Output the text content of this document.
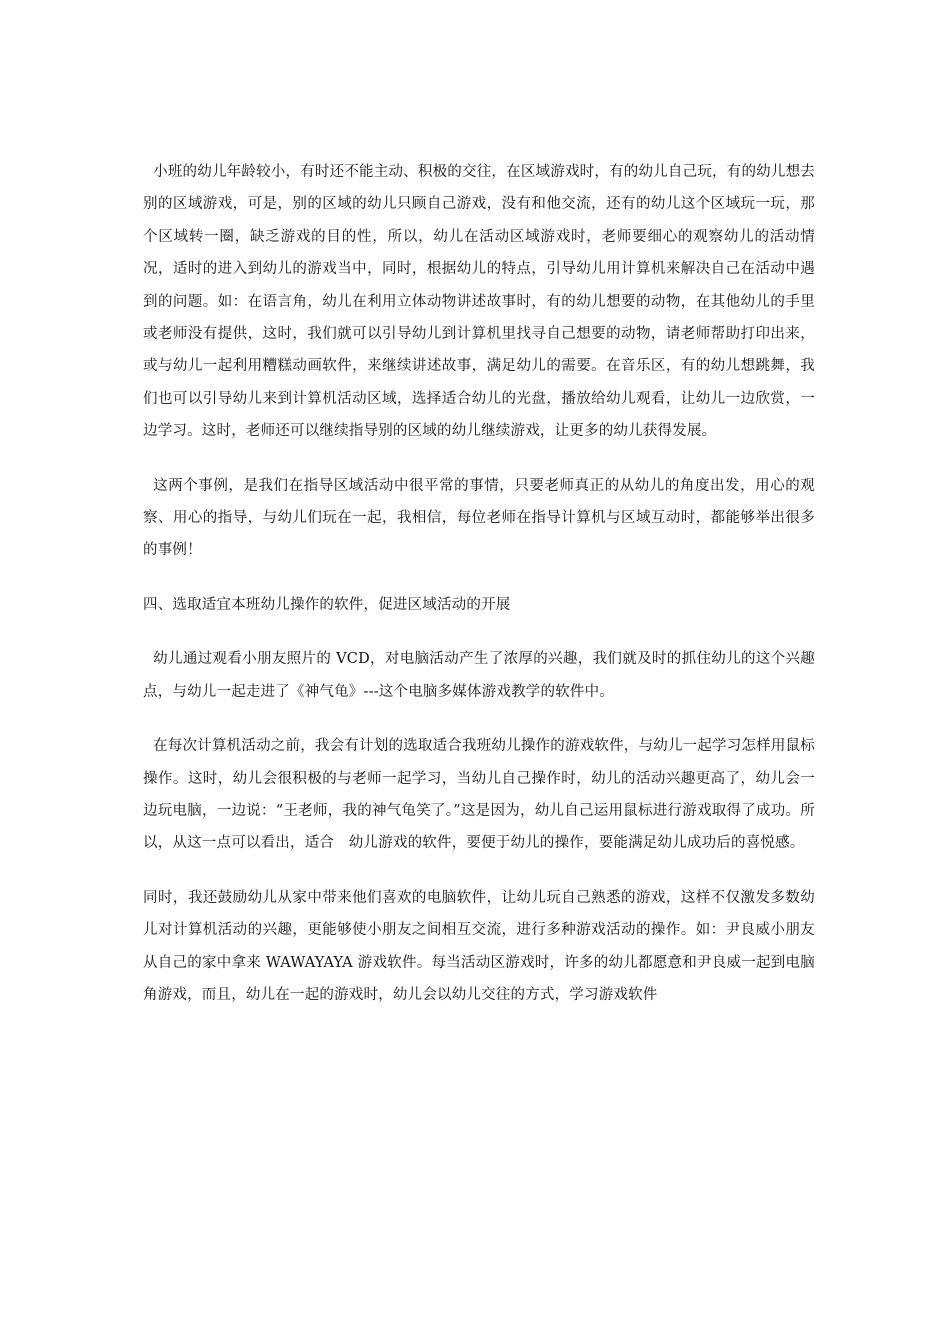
小班的幼儿年龄较小，有时还不能主动、积极的交往，在区域游戏时，有的幼儿自己玩，有的幼儿想去别的区域游戏，可是，别的区域的幼儿只顾自己游戏，没有和他交流，还有的幼儿这个区域玩一玩，那个区域转一圈，缺乏游戏的目的性，所以，幼儿在活动区域游戏时，老师要细心的观察幼儿的活动情况，适时的进入到幼儿的游戏当中，同时，根据幼儿的特点，引导幼儿用计算机来解决自己在活动中遇到的问题。如：在语言角，幼儿在利用立体动物讲述故事时，有的幼儿想要的动物，在其他幼儿的手里或老师没有提供，这时，我们就可以引导幼儿到计算机里找寻自己想要的动物，请老师帮助打印出来，或与幼儿一起利用糟糕动画软件，来继续讲述故事，满足幼儿的需要。在音乐区，有的幼儿想跳舞，我们也可以引导幼儿来到计算机活动区域，选择适合幼儿的光盘，播放给幼儿观看，让幼儿一边欣赏，一边学习。这时，老师还可以继续指导别的区域的幼儿继续游戏，让更多的幼儿获得发展。

这两个事例，是我们在指导区域活动中很平常的事情，只要老师真正的从幼儿的角度出发，用心的观察、用心的指导，与幼儿们玩在一起，我相信，每位老师在指导计算机与区域互动时，都能够举出很多的事例！

四、选取适宜本班幼儿操作的软件，促进区域活动的开展

幼儿通过观看小朋友照片的 VCD，对电脑活动产生了浓厚的兴趣，我们就及时的抓住幼儿的这个兴趣点，与幼儿一起走进了《神气龟》---这个电脑多媒体游戏教学的软件中。

在每次计算机活动之前，我会有计划的选取适合我班幼儿操作的游戏软件，与幼儿一起学习怎样用鼠标操作。这时，幼儿会很积极的与老师一起学习，当幼儿自己操作时，幼儿的活动兴趣更高了，幼儿会一边玩电脑，一边说：“王老师，我的神气龟笑了。”这是因为，幼儿自己运用鼠标进行游戏取得了成功。所以，从这一点可以看出，适合　幼儿游戏的软件，要便于幼儿的操作，要能满足幼儿成功后的喜悦感。

同时，我还鼓励幼儿从家中带来他们喜欢的电脑软件，让幼儿玩自己熟悉的游戏，这样不仅激发多数幼儿对计算机活动的兴趣，更能够使小朋友之间相互交流，进行多种游戏活动的操作。如：尹良威小朋友从自己的家中拿来 WAWAYAYA 游戏软件。每当活动区游戏时，许多的幼儿都愿意和尹良威一起到电脑角游戏，而且，幼儿在一起的游戏时，幼儿会以幼儿交往的方式，学习游戏软件
